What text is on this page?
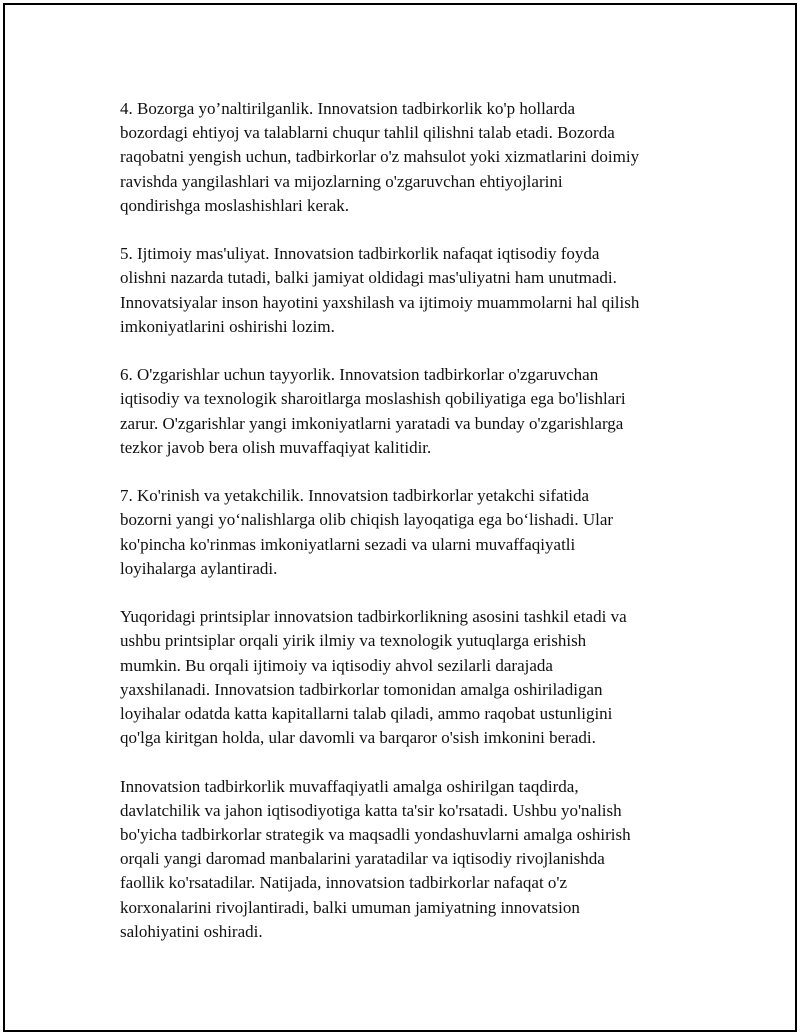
4. Bozorga yo’naltirilganlik. Innovatsion tadbirkorlik ko'p hollarda
bozordagi ehtiyoj va talablarni chuqur tahlil qilishni talab etadi. Bozorda
raqobatni yengish uchun, tadbirkorlar o'z mahsulot yoki xizmatlarini doimiy
ravishda yangilashlari va mijozlarning o'zgaruvchan ehtiyojlarini
qondirishga moslashishlari kerak.

5. Ijtimoiy mas'uliyat. Innovatsion tadbirkorlik nafaqat iqtisodiy foyda
olishni nazarda tutadi, balki jamiyat oldidagi mas'uliyatni ham unutmadi.
Innovatsiyalar inson hayotini yaxshilash va ijtimoiy muammolarni hal qilish
imkoniyatlarini oshirishi lozim.

6. O'zgarishlar uchun tayyorlik. Innovatsion tadbirkorlar o'zgaruvchan
iqtisodiy va texnologik sharoitlarga moslashish qobiliyatiga ega bo'lishlari
zarur. O'zgarishlar yangi imkoniyatlarni yaratadi va bunday o'zgarishlarga
tezkor javob bera olish muvaffaqiyat kalitidir.

7. Ko'rinish va yetakchilik. Innovatsion tadbirkorlar yetakchi sifatida
bozorni yangi yo‘nalishlarga olib chiqish layoqatiga ega bo‘lishadi. Ular
ko'pincha ko'rinmas imkoniyatlarni sezadi va ularni muvaffaqiyatli
loyihalarga aylantiradi.

Yuqoridagi printsiplar innovatsion tadbirkorlikning asosini tashkil etadi va
ushbu printsiplar orqali yirik ilmiy va texnologik yutuqlarga erishish
mumkin. Bu orqali ijtimoiy va iqtisodiy ahvol sezilarli darajada
yaxshilanadi. Innovatsion tadbirkorlar tomonidan amalga oshiriladigan
loyihalar odatda katta kapitallarni talab qiladi, ammo raqobat ustunligini
qo'lga kiritgan holda, ular davomli va barqaror o'sish imkonini beradi.

Innovatsion tadbirkorlik muvaffaqiyatli amalga oshirilgan taqdirda,
davlatchilik va jahon iqtisodiyotiga katta ta'sir ko'rsatadi. Ushbu yo'nalish
bo'yicha tadbirkorlar strategik va maqsadli yondashuvlarni amalga oshirish
orqali yangi daromad manbalarini yaratadilar va iqtisodiy rivojlanishda
faollik ko'rsatadilar. Natijada, innovatsion tadbirkorlar nafaqat o'z
korxonalarini rivojlantiradi, balki umuman jamiyatning innovatsion
salohiyatini oshiradi.
